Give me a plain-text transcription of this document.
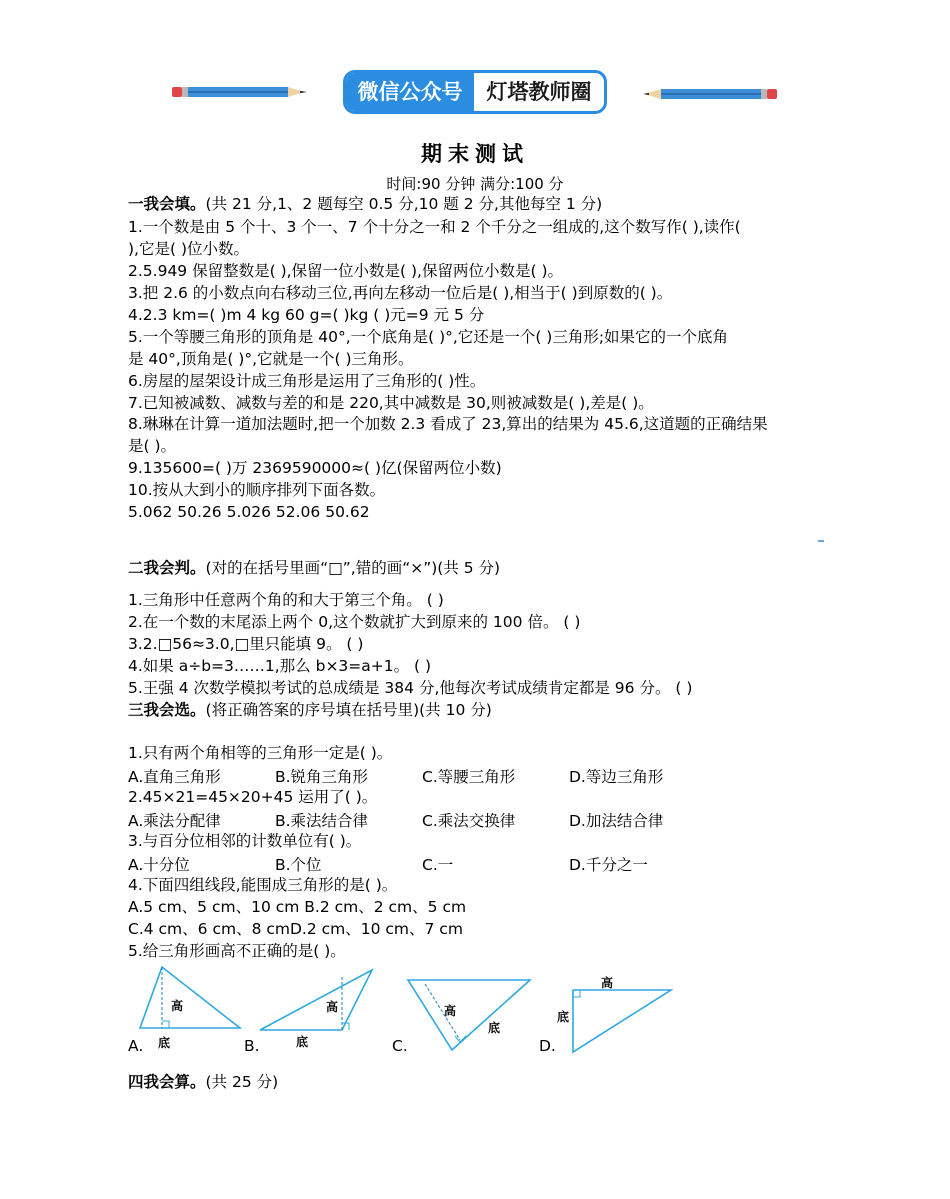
微信公众号	灯塔教师圈
期末测试
时间:90 分钟 满分:100 分
一我会填。(共 21 分,1、2 题每空 0.5 分,10 题 2 分,其他每空 1 分)
1.一个数是由 5 个十、3 个一、7 个十分之一和 2 个千分之一组成的,这个数写作( ),读作(
),它是( )位小数。
2.5.949 保留整数是( ),保留一位小数是( ),保留两位小数是( )。
3.把 2.6 的小数点向右移动三位,再向左移动一位后是( ),相当于( )到原数的( )。
4.2.3 km=( )m 4 kg 60 g=( )kg ( )元=9 元 5 分
5.一个等腰三角形的顶角是 40°,一个底角是( )°,它还是一个( )三角形;如果它的一个底角
是 40°,顶角是( )°,它就是一个( )三角形。
6.房屋的屋架设计成三角形是运用了三角形的( )性。
7.已知被减数、减数与差的和是 220,其中减数是 30,则被减数是( ),差是( )。
8.琳琳在计算一道加法题时,把一个加数 2.3 看成了 23,算出的结果为 45.6,这道题的正确结果
是( )。
9.135600=( )万 2369590000≈( )亿(保留两位小数)
10.按从大到小的顺序排列下面各数。
5.062 50.26 5.026 52.06 50.62
二我会判。(对的在括号里画“□”,错的画“×”)(共 5 分)
1.三角形中任意两个角的和大于第三个角。 ( )
2.在一个数的末尾添上两个 0,这个数就扩大到原来的 100 倍。 ( )
3.2.□56≈3.0,□里只能填 9。 ( )
4.如果 a÷b=3……1,那么 b×3=a+1。 ( )
5.王强 4 次数学模拟考试的总成绩是 384 分,他每次考试成绩肯定都是 96 分。 ( )
三我会选。(将正确答案的序号填在括号里)(共 10 分)
1.只有两个角相等的三角形一定是( )。
A.直角三角形	B.锐角三角形	C.等腰三角形	D.等边三角形
2.45×21=45×20+45 运用了( )。
A.乘法分配律	B.乘法结合律	C.乘法交换律	D.加法结合律
3.与百分位相邻的计数单位有( )。
A.十分位	B.个位	C.一	D.千分之一
4.下面四组线段,能围成三角形的是( )。
A.5 cm、5 cm、10 cm B.2 cm、2 cm、5 cm
C.4 cm、6 cm、8 cmD.2 cm、10 cm、7 cm
5.给三角形画高不正确的是( )。
高
底
高
底
高
底
高
底
A.	B.	C.	D.
四我会算。(共 25 分)
